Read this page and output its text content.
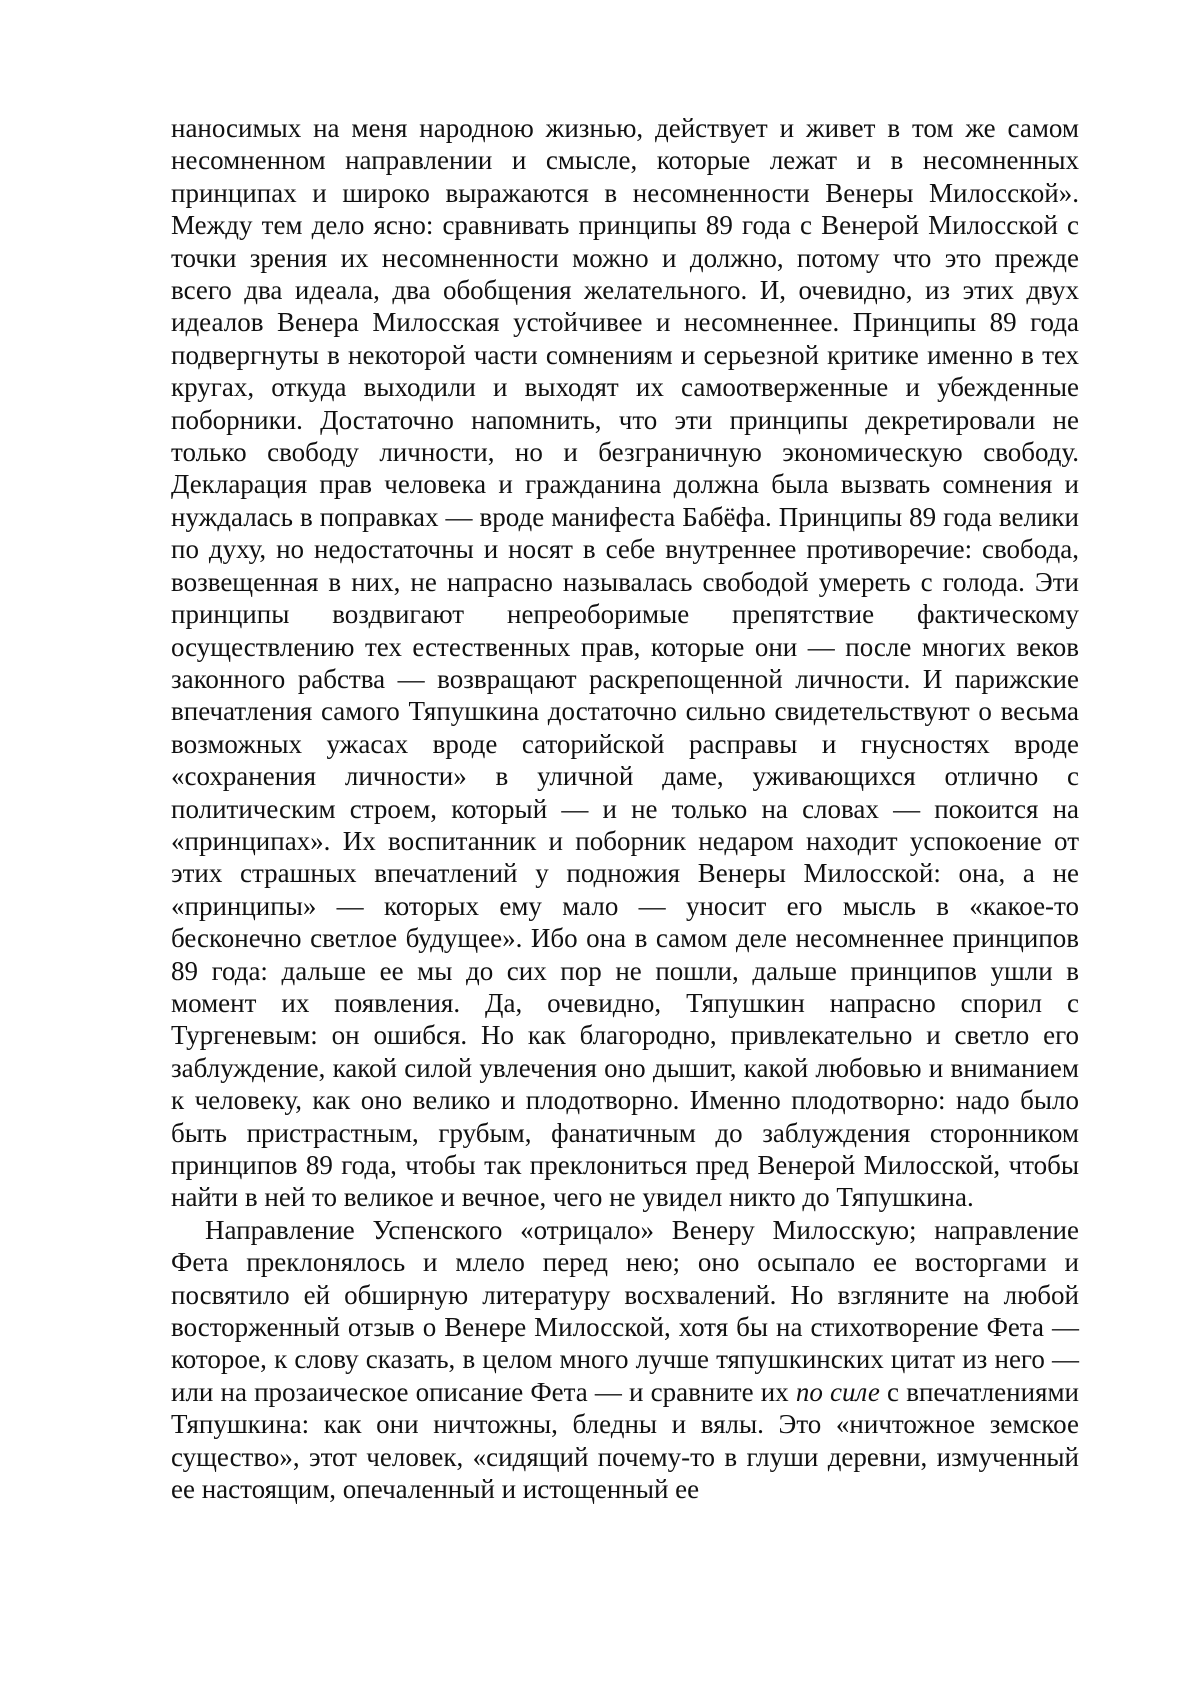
наносимых на меня народною жизнью, действует и живет в том же самом несомненном направлении и смысле, которые лежат и в несомненных принципах и широко выражаются в несомненности Венеры Милосской». Между тем дело ясно: сравнивать принципы 89 года с Венерой Милосской с точки зрения их несомненности можно и должно, потому что это прежде всего два идеала, два обобщения желательного. И, очевидно, из этих двух идеалов Венера Милосская устойчивее и несомненнее. Принципы 89 года подвергнуты в некоторой части сомнениям и серьезной критике именно в тех кругах, откуда выходили и выходят их самоотверженные и убежденные поборники. Достаточно напомнить, что эти принципы декретировали не только свободу личности, но и безграничную экономическую свободу. Декларация прав человека и гражданина должна была вызвать сомнения и нуждалась в поправках — вроде манифеста Бабёфа. Принципы 89 года велики по духу, но недостаточны и носят в себе внутреннее противоречие: свобода, возвещенная в них, не напрасно называлась свободой умереть с голода. Эти принципы воздвигают непреоборимые препятствие фактическому осуществлению тех естественных прав, которые они — после многих веков законного рабства — возвращают раскрепощенной личности. И парижские впечатления самого Тяпушкина достаточно сильно свидетельствуют о весьма возможных ужасах вроде саторийской расправы и гнусностях вроде «сохранения личности» в уличной даме, уживающихся отлично с политическим строем, который — и не только на словах — покоится на «принципах». Их воспитанник и поборник недаром находит успокоение от этих страшных впечатлений у подножия Венеры Милосской: она, а не «принципы» — которых ему мало — уносит его мысль в «какое-то бесконечно светлое будущее». Ибо она в самом деле несомненнее принципов 89 года: дальше ее мы до сих пор не пошли, дальше принципов ушли в момент их появления. Да, очевидно, Тяпушкин напрасно спорил с Тургеневым: он ошибся. Но как благородно, привлекательно и светло его заблуждение, какой силой увлечения оно дышит, какой любовью и вниманием к человеку, как оно велико и плодотворно. Именно плодотворно: надо было быть пристрастным, грубым, фанатичным до заблуждения сторонником принципов 89 года, чтобы так преклониться пред Венерой Милосской, чтобы найти в ней то великое и вечное, чего не увидел никто до Тяпушкина.

Направление Успенского «отрицало» Венеру Милосскую; направление Фета преклонялось и млело перед нею; оно осыпало ее восторгами и посвятило ей обширную литературу восхвалений. Но взгляните на любой восторженный отзыв о Венере Милосской, хотя бы на стихотворение Фета — которое, к слову сказать, в целом много лучше тяпушкинских цитат из него — или на прозаическое описание Фета — и сравните их по силе с впечатлениями Тяпушкина: как они ничтожны, бледны и вялы. Это «ничтожное земское существо», этот человек, «сидящий почему-то в глуши деревни, измученный ее настоящим, опечаленный и истощенный ее
